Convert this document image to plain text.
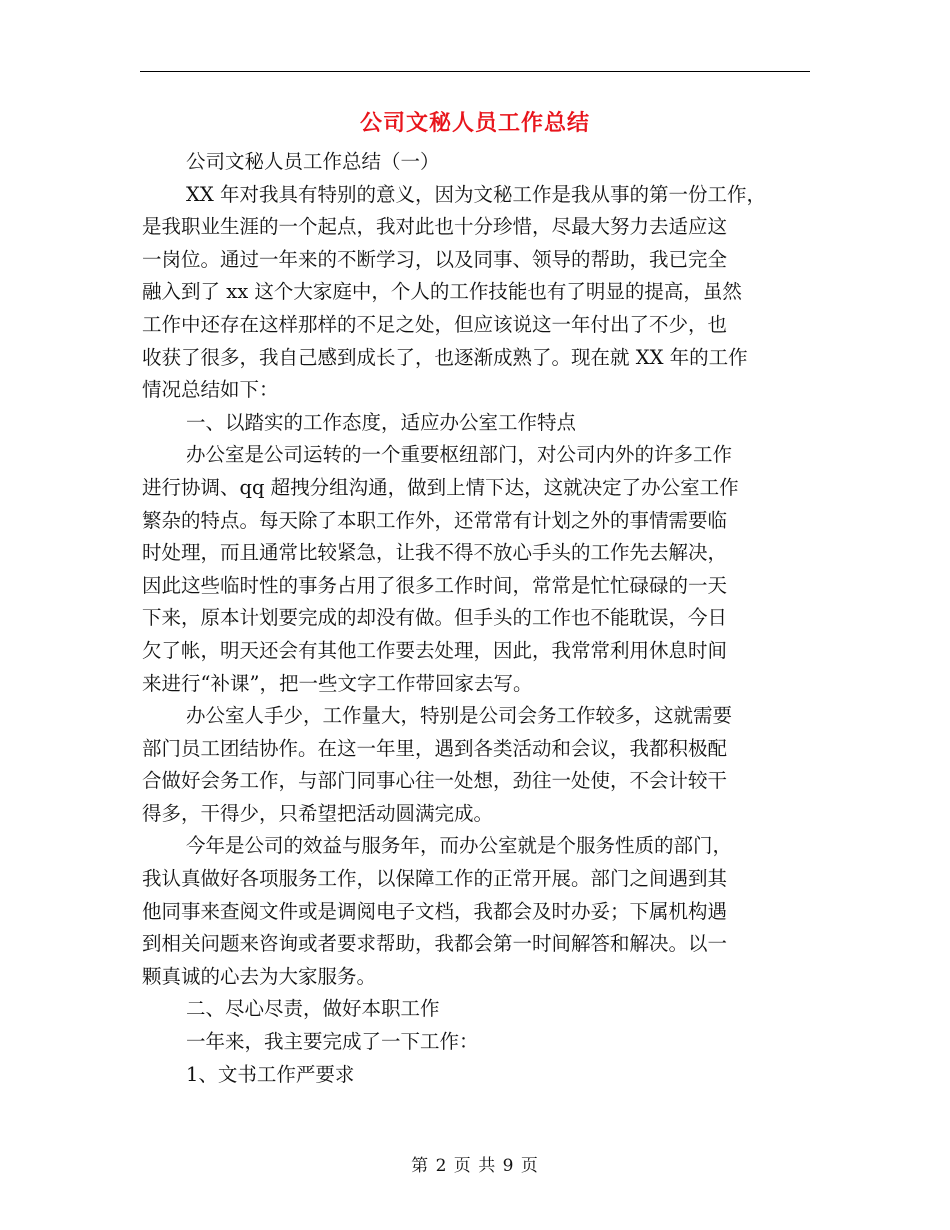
公司文秘人员工作总结
公司文秘人员工作总结（一）
XX 年对我具有特别的意义，因为文秘工作是我从事的第一份工作，
是我职业生涯的一个起点，我对此也十分珍惜，尽最大努力去适应这
一岗位。通过一年来的不断学习，以及同事、领导的帮助，我已完全
融入到了 xx 这个大家庭中，个人的工作技能也有了明显的提高，虽然
工作中还存在这样那样的不足之处，但应该说这一年付出了不少，也
收获了很多，我自己感到成长了，也逐渐成熟了。现在就 XX 年的工作
情况总结如下：
一、以踏实的工作态度，适应办公室工作特点
办公室是公司运转的一个重要枢纽部门，对公司内外的许多工作
进行协调、qq 超拽分组沟通，做到上情下达，这就决定了办公室工作
繁杂的特点。每天除了本职工作外，还常常有计划之外的事情需要临
时处理，而且通常比较紧急，让我不得不放心手头的工作先去解决，
因此这些临时性的事务占用了很多工作时间，常常是忙忙碌碌的一天
下来，原本计划要完成的却没有做。但手头的工作也不能耽误，今日
欠了帐，明天还会有其他工作要去处理，因此，我常常利用休息时间
来进行“补课”，把一些文字工作带回家去写。
办公室人手少，工作量大，特别是公司会务工作较多，这就需要
部门员工团结协作。在这一年里，遇到各类活动和会议，我都积极配
合做好会务工作，与部门同事心往一处想，劲往一处使，不会计较干
得多，干得少，只希望把活动圆满完成。
今年是公司的效益与服务年，而办公室就是个服务性质的部门，
我认真做好各项服务工作，以保障工作的正常开展。部门之间遇到其
他同事来查阅文件或是调阅电子文档，我都会及时办妥；下属机构遇
到相关问题来咨询或者要求帮助，我都会第一时间解答和解决。以一
颗真诚的心去为大家服务。
二、尽心尽责，做好本职工作
一年来，我主要完成了一下工作：
1、文书工作严要求
第 2 页 共 9 页
